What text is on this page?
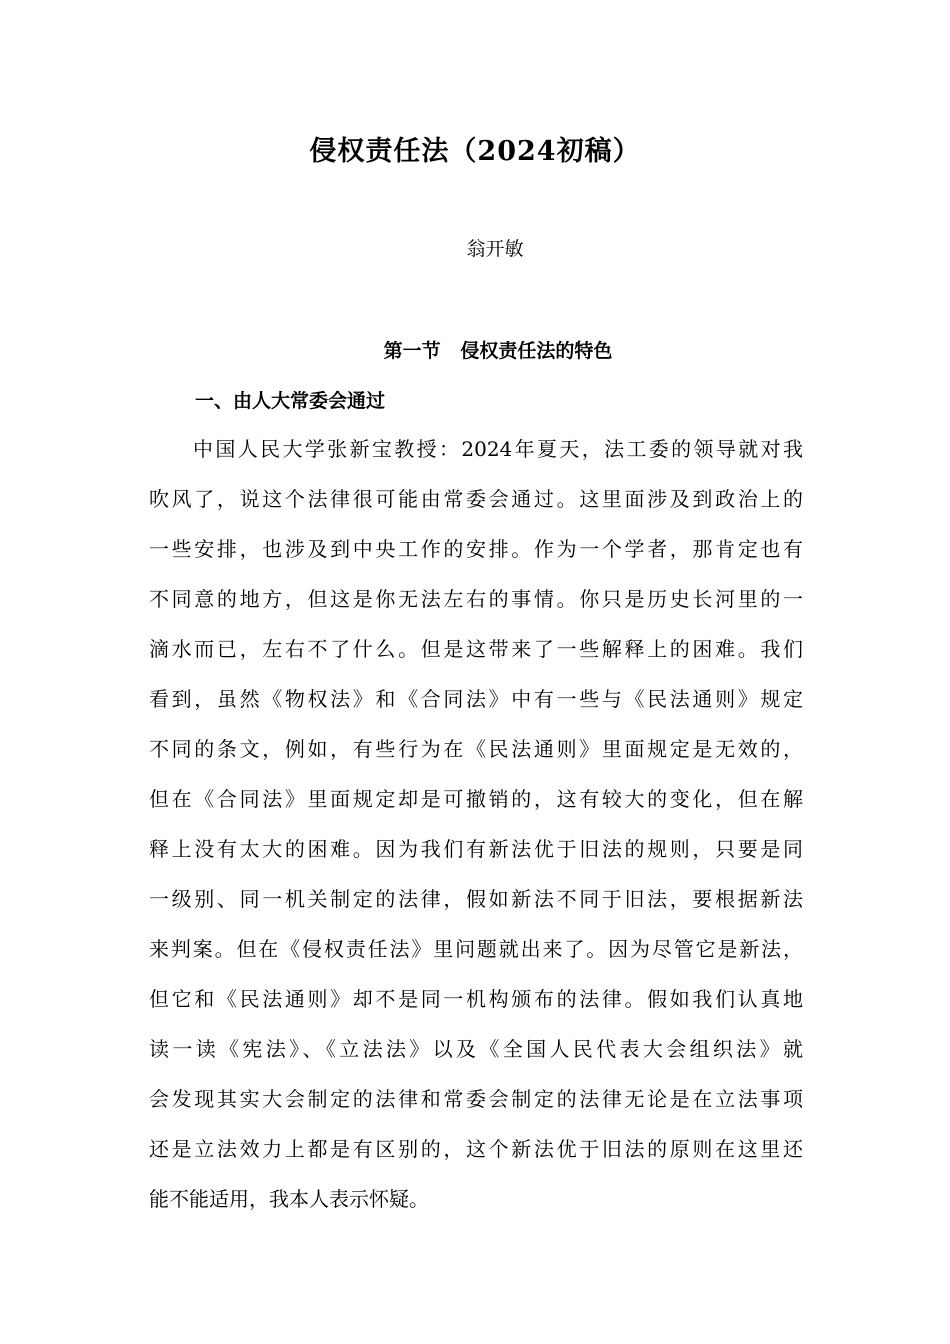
侵权责任法（2024初稿）
翁开敏
第一节   侵权责任法的特色
一、由人大常委会通过
中国人民大学张新宝教授：2024年夏天，法工委的领导就对我
吹风了，说这个法律很可能由常委会通过。这里面涉及到政治上的
一些安排，也涉及到中央工作的安排。作为一个学者，那肯定也有
不同意的地方，但这是你无法左右的事情。你只是历史长河里的一
滴水而已，左右不了什么。但是这带来了一些解释上的困难。我们
看到，虽然《物权法》和《合同法》中有一些与《民法通则》规定
不同的条文，例如，有些行为在《民法通则》里面规定是无效的，
但在《合同法》里面规定却是可撤销的，这有较大的变化，但在解
释上没有太大的困难。因为我们有新法优于旧法的规则，只要是同
一级别、同一机关制定的法律，假如新法不同于旧法，要根据新法
来判案。但在《侵权责任法》里问题就出来了。因为尽管它是新法，
但它和《民法通则》却不是同一机构颁布的法律。假如我们认真地
读一读《宪法》、《立法法》以及《全国人民代表大会组织法》就
会发现其实大会制定的法律和常委会制定的法律无论是在立法事项
还是立法效力上都是有区别的，这个新法优于旧法的原则在这里还
能不能适用，我本人表示怀疑。
